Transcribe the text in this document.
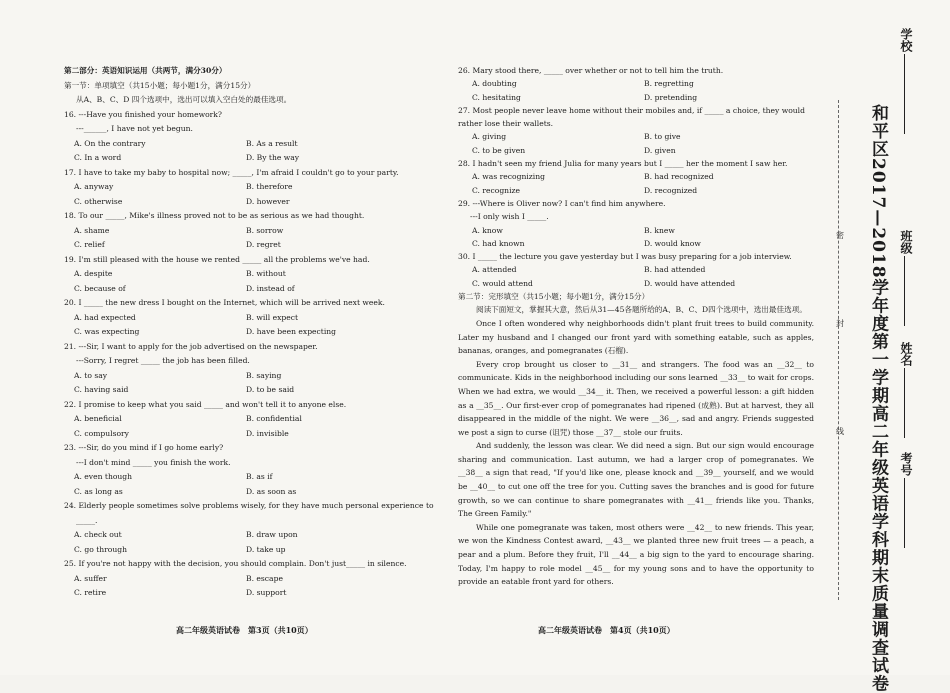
第二部分：英语知识运用（共两节，满分30分）
第一节：单项填空（共15小题；每小题1分，满分15分）
从A、B、C、D 四个选项中，选出可以填入空白处的最佳选项。
16. ---Have you finished your homework?
---______, I have not yet begun.
A. On the contrary	B. As a result
C. In a word	D. By the way
17. I have to take my baby to hospital now; _____, I'm afraid I couldn't go to your party.
A. anyway	B. therefore
C. otherwise	D. however
18. To our _____, Mike's illness proved not to be as serious as we had thought.
A. shame	B. sorrow
C. relief	D. regret
19. I'm still pleased with the house we rented _____ all the problems we've had.
A. despite	B. without
C. because of	D. instead of
20. I _____ the new dress I bought on the Internet, which will be arrived next week.
A. had expected	B. will expect
C. was expecting	D. have been expecting
21. ---Sir, I want to apply for the job advertised on the newspaper.
---Sorry, I regret _____ the job has been filled.
A. to say	B. saying
C. having said	D. to be said
22. I promise to keep what you said _____ and won't tell it to anyone else.
A. beneficial	B. confidential
C. compulsory	D. invisible
23. ---Sir, do you mind if I go home early?
---I don't mind _____ you finish the work.
A. even though	B. as if
C. as long as	D. as soon as
24. Elderly people sometimes solve problems wisely, for they have much personal experience to
_____.
A. check out	B. draw upon
C. go through	D. take up
25. If you're not happy with the decision, you should complain. Don't just_____ in silence.
A. suffer	B. escape
C. retire	D. support
26. Mary stood there, _____ over whether or not to tell him the truth.
A. doubting	B. regretting
C. hesitating	D. pretending
27. Most people never leave home without their mobiles and, if _____ a choice, they would
rather lose their wallets.
A. giving	B. to give
C. to be given	D. given
28. I hadn't seen my friend Julia for many years but I _____ her the moment I saw her.
A. was recognizing	B. had recognized
C. recognize	D. recognized
29. ---Where is Oliver now? I can't find him anywhere.
---I only wish I _____.
A. know	B. knew
C. had known	D. would know
30. I _____ the lecture you gave yesterday but I was busy preparing for a job interview.
A. attended	B. had attended
C. would attend	D. would have attended
第二节：完形填空（共15小题；每小题1分，满分15分）

阅读下面短文，掌握其大意，然后从31—45各题所给的A、B、C、D四个选项中，选出最佳选项。

Once I often wondered why neighborhoods didn't plant fruit trees to build community. Later my husband and I changed our front yard with something eatable, such as apples, bananas, oranges, and pomegranates (石榴).

Every crop brought us closer to __31__ and strangers. The food was an __32__ to communicate. Kids in the neighborhood including our sons learned __33__ to wait for crops. When we had extra, we would __34__ it. Then, we received a powerful lesson: a gift hidden as a __35__. Our first-ever crop of pomegranates had ripened (成熟). But at harvest, they all disappeared in the middle of the night. We were __36__, sad and angry. Friends suggested we post a sign to curse (诅咒) those __37__ stole our fruits.

And suddenly, the lesson was clear. We did need a sign. But our sign would encourage sharing and communication. Last autumn, we had a larger crop of pomegranates. We __38__ a sign that read, "If you'd like one, please knock and __39__ yourself, and we would be __40__ to cut one off the tree for you. Cutting saves the branches and is good for future growth, so we can continue to share pomegranates with __41__ friends like you. Thanks, The Green Family."

While one pomegranate was taken, most others were __42__ to new friends. This year, we won the Kindness Contest award, __43__ we planted three new fruit trees — a peach, a pear and a plum. Before they fruit, I'll __44__ a big sign to the yard to encourage sharing. Today, I'm happy to role model __45__ for my young sons and to have the opportunity to provide an eatable front yard for others.

高二年级英语试卷　第3页（共10页）	高二年级英语试卷　第4页（共10页）
密
封
线 和平区2017—2018学年度第一学期高二年级英语学科期末质量调查试卷
学校
班级
姓名
考号
